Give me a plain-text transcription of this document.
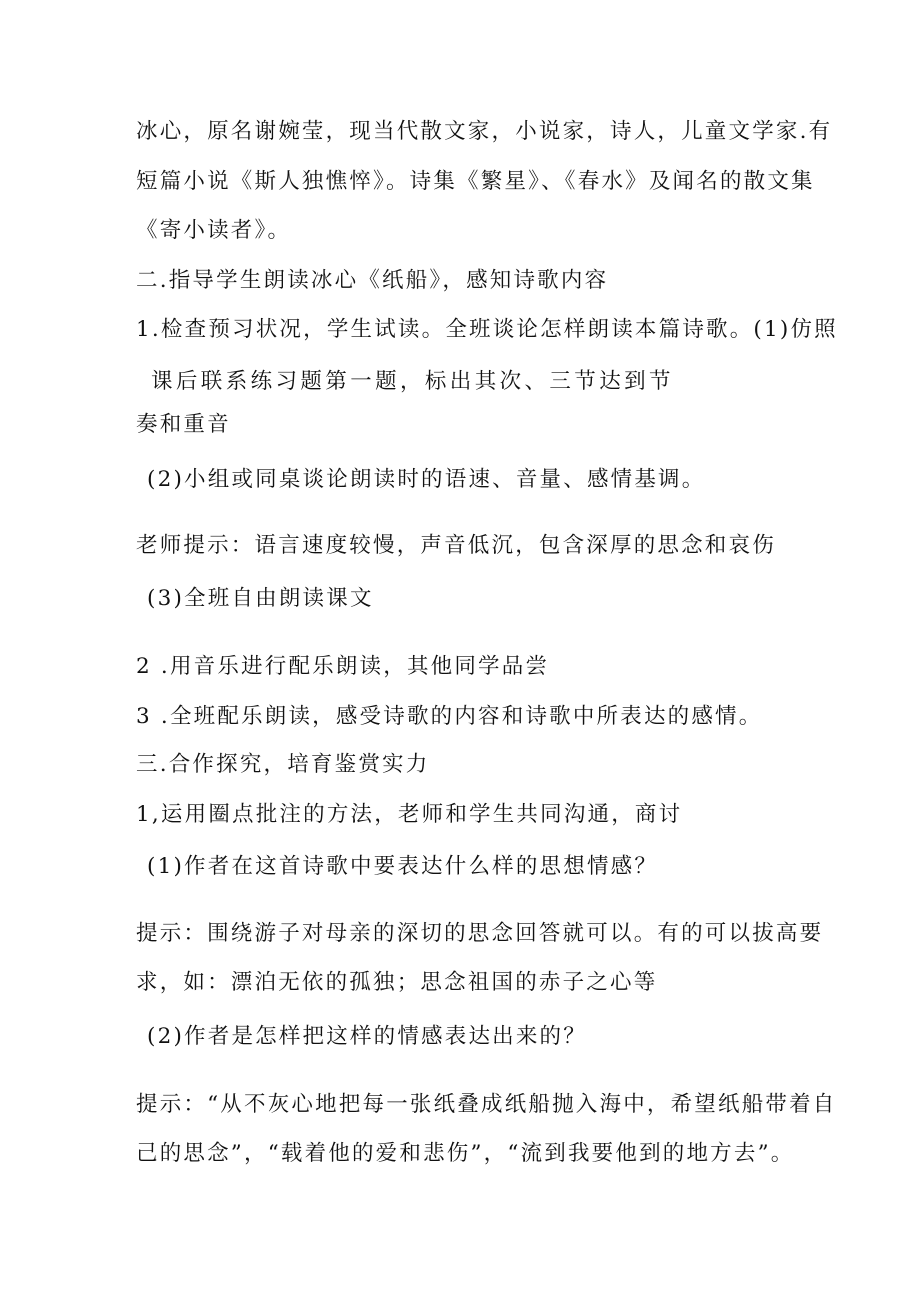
冰心，原名谢婉莹，现当代散文家，小说家，诗人，儿童文学家.有
短篇小说《斯人独憔悴》。诗集《繁星》、《春水》及闻名的散文集
《寄小读者》。
二.指导学生朗读冰心《纸船》，感知诗歌内容
1.检查预习状况，学生试读。全班谈论怎样朗读本篇诗歌。(1)仿照
课后联系练习题第一题，标出其次、三节达到节
奏和重音
(2)小组或同桌谈论朗读时的语速、音量、感情基调。
老师提示：语言速度较慢，声音低沉，包含深厚的思念和哀伤
(3)全班自由朗读课文
2 .用音乐进行配乐朗读，其他同学品尝
3 .全班配乐朗读，感受诗歌的内容和诗歌中所表达的感情。
三.合作探究，培育鉴赏实力
1,运用圈点批注的方法，老师和学生共同沟通，商讨
(1)作者在这首诗歌中要表达什么样的思想情感？
提示：围绕游子对母亲的深切的思念回答就可以。有的可以拔高要
求，如：漂泊无依的孤独；思念祖国的赤子之心等
(2)作者是怎样把这样的情感表达出来的？
提示：“从不灰心地把每一张纸叠成纸船抛入海中，希望纸船带着自
己的思念”，“载着他的爱和悲伤”，“流到我要他到的地方去”。
